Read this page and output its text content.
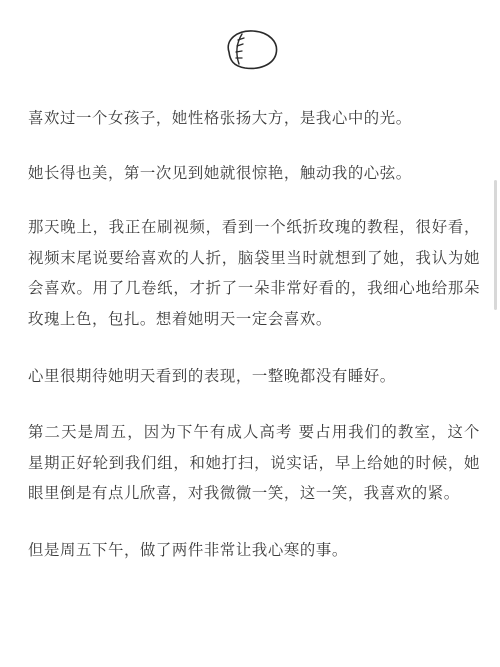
喜欢过一个女孩子，她性格张扬大方，是我心中的光。

她长得也美，第一次见到她就很惊艳，触动我的心弦。

那天晚上，我正在刷视频，看到一个纸折玫瑰的教程，很好看，视频末尾说要给喜欢的人折，脑袋里当时就想到了她，我认为她会喜欢。用了几卷纸，才折了一朵非常好看的，我细心地给那朵玫瑰上色，包扎。想着她明天一定会喜欢。

心里很期待她明天看到的表现，一整晚都没有睡好。

第二天是周五，因为下午有成人高考 要占用我们的教室，这个星期正好轮到我们组，和她打扫，说实话，早上给她的时候，她眼里倒是有点儿欣喜，对我微微一笑，这一笑，我喜欢的紧。

但是周五下午，做了两件非常让我心寒的事。
